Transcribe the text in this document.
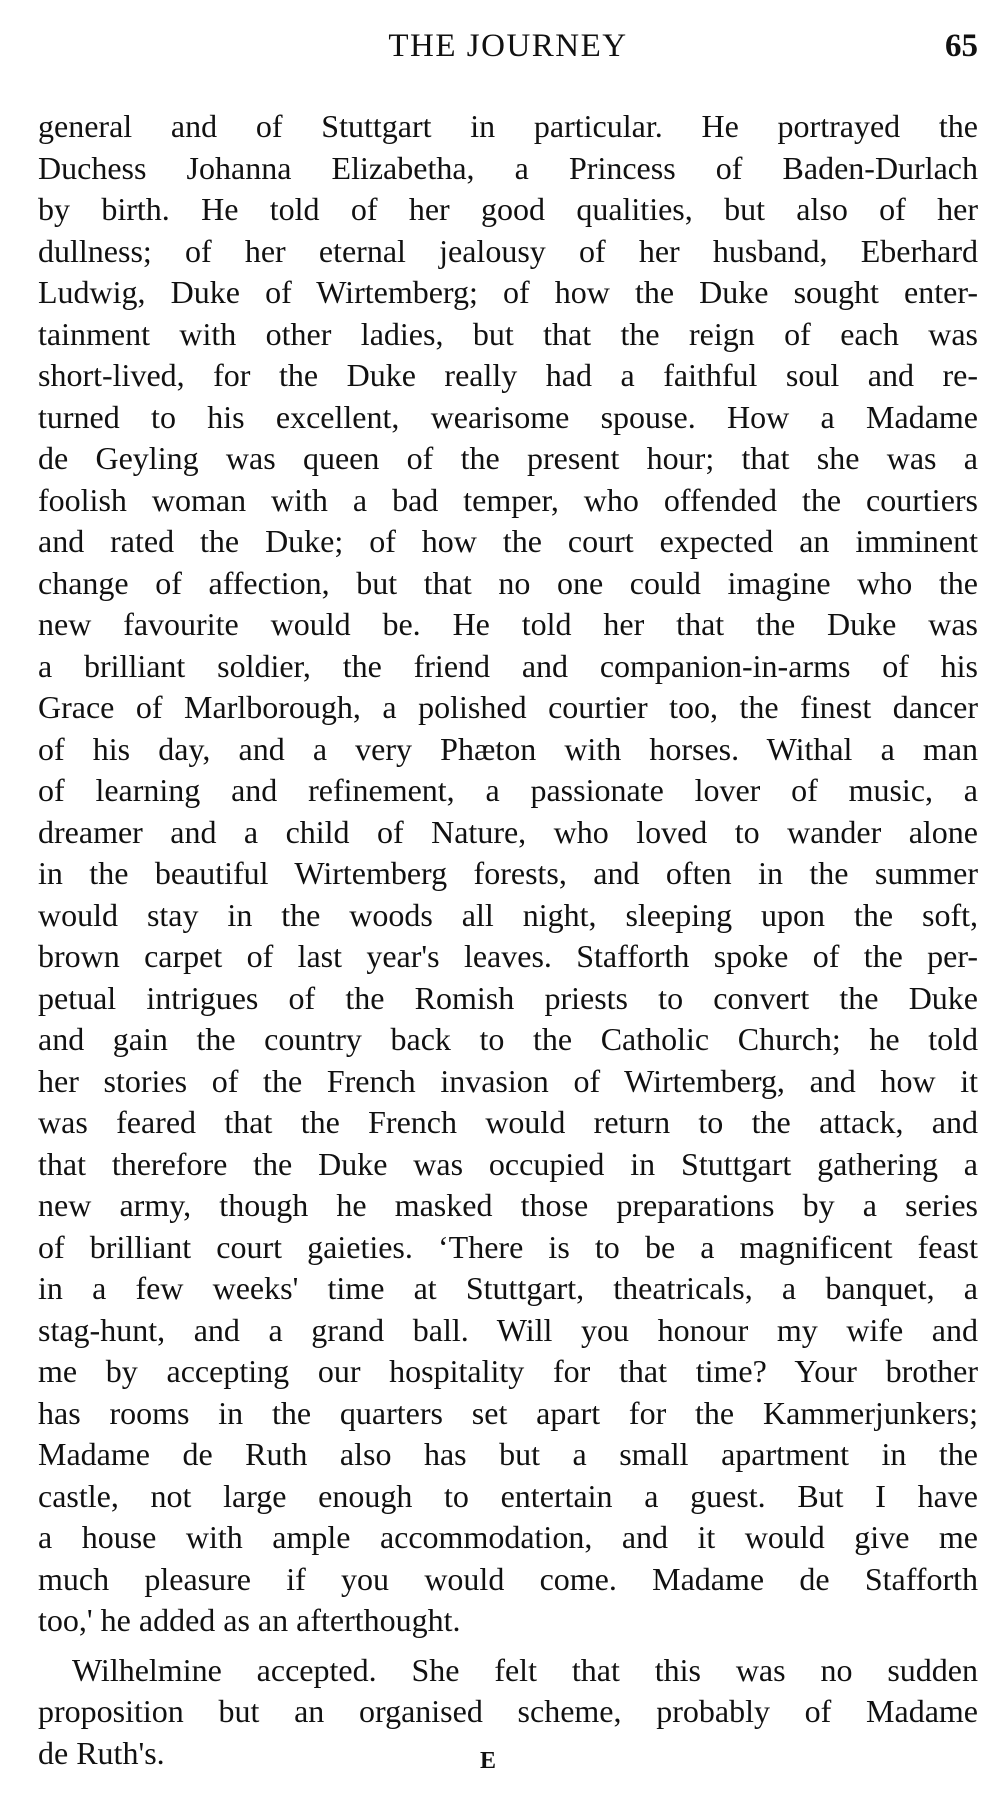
THE JOURNEY	65
general and of Stuttgart in particular. He portrayed the
Duchess Johanna Elizabetha, a Princess of Baden-Durlach
by birth. He told of her good qualities, but also of her
dullness; of her eternal jealousy of her husband, Eberhard
Ludwig, Duke of Wirtemberg; of how the Duke sought enter-
tainment with other ladies, but that the reign of each was
short-lived, for the Duke really had a faithful soul and re-
turned to his excellent, wearisome spouse. How a Madame
de Geyling was queen of the present hour; that she was a
foolish woman with a bad temper, who offended the courtiers
and rated the Duke; of how the court expected an imminent
change of affection, but that no one could imagine who the
new favourite would be. He told her that the Duke was
a brilliant soldier, the friend and companion-in-arms of his
Grace of Marlborough, a polished courtier too, the finest dancer
of his day, and a very Phæton with horses. Withal a man
of learning and refinement, a passionate lover of music, a
dreamer and a child of Nature, who loved to wander alone
in the beautiful Wirtemberg forests, and often in the summer
would stay in the woods all night, sleeping upon the soft,
brown carpet of last year's leaves. Stafforth spoke of the per-
petual intrigues of the Romish priests to convert the Duke
and gain the country back to the Catholic Church; he told
her stories of the French invasion of Wirtemberg, and how it
was feared that the French would return to the attack, and
that therefore the Duke was occupied in Stuttgart gathering a
new army, though he masked those preparations by a series
of brilliant court gaieties. ‘There is to be a magnificent feast
in a few weeks' time at Stuttgart, theatricals, a banquet, a
stag-hunt, and a grand ball. Will you honour my wife and
me by accepting our hospitality for that time? Your brother
has rooms in the quarters set apart for the Kammerjunkers;
Madame de Ruth also has but a small apartment in the
castle, not large enough to entertain a guest. But I have
a house with ample accommodation, and it would give me
much pleasure if you would come. Madame de Stafforth
too,' he added as an afterthought.
Wilhelmine accepted. She felt that this was no sudden
proposition but an organised scheme, probably of Madame
de Ruth's.	E
